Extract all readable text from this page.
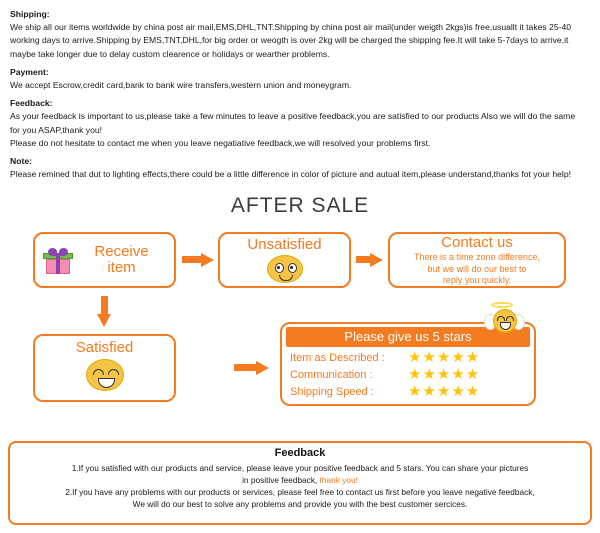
Shipping:

We ship all our items worldwide by china post air mail,EMS,DHL,TNT.Shipping by china post air mail(under weigth 2kgs)is free,usuallt it takes 25-40

working days to arrive.Shipping by EMS,TNT,DHL,for big order or weogth is over 2kg will be charged the shipping fee.It will take 5-7days to arrive,it

maybe take longer due to delay custom clearence or holidays or wearther problems.

Payment:

We accept Escrow,credit card,bank to bank wire transfers,western union and moneygram.

Feedback:

As your feedback is important to us,please take a few minutes to leave a positive feedback,you are satisfied to our products Also we will do the same

for you ASAP,thank you!

Please do not hesitate to contact me when you leave negatiative feedback,we will resolved your problems first.

Note:

Please remined that dut to lighting effects,there could be a little difference in color of picture and autual item,please understand,thanks fot your help!

AFTER SALE
Receive
item
Unsatisfied	Contact us
There is a time zone difference,
but we will do our best to
reply you quickly.
Satisfied
Please give us 5 stars
Item as Described :	★★★★★
Communication :	★★★★★
Shipping Speed :	★★★★★
Feedback
1.If you satisfied with our products and service, please leave your positive feedback and 5 stars. You can share your pictures
in positive feedback, thank you!
2.If you have any problems with our products or services, please feel free to contact us first before you leave negative feedback,
We will do our best to solve any problems and provide you with the best customer sercices.
